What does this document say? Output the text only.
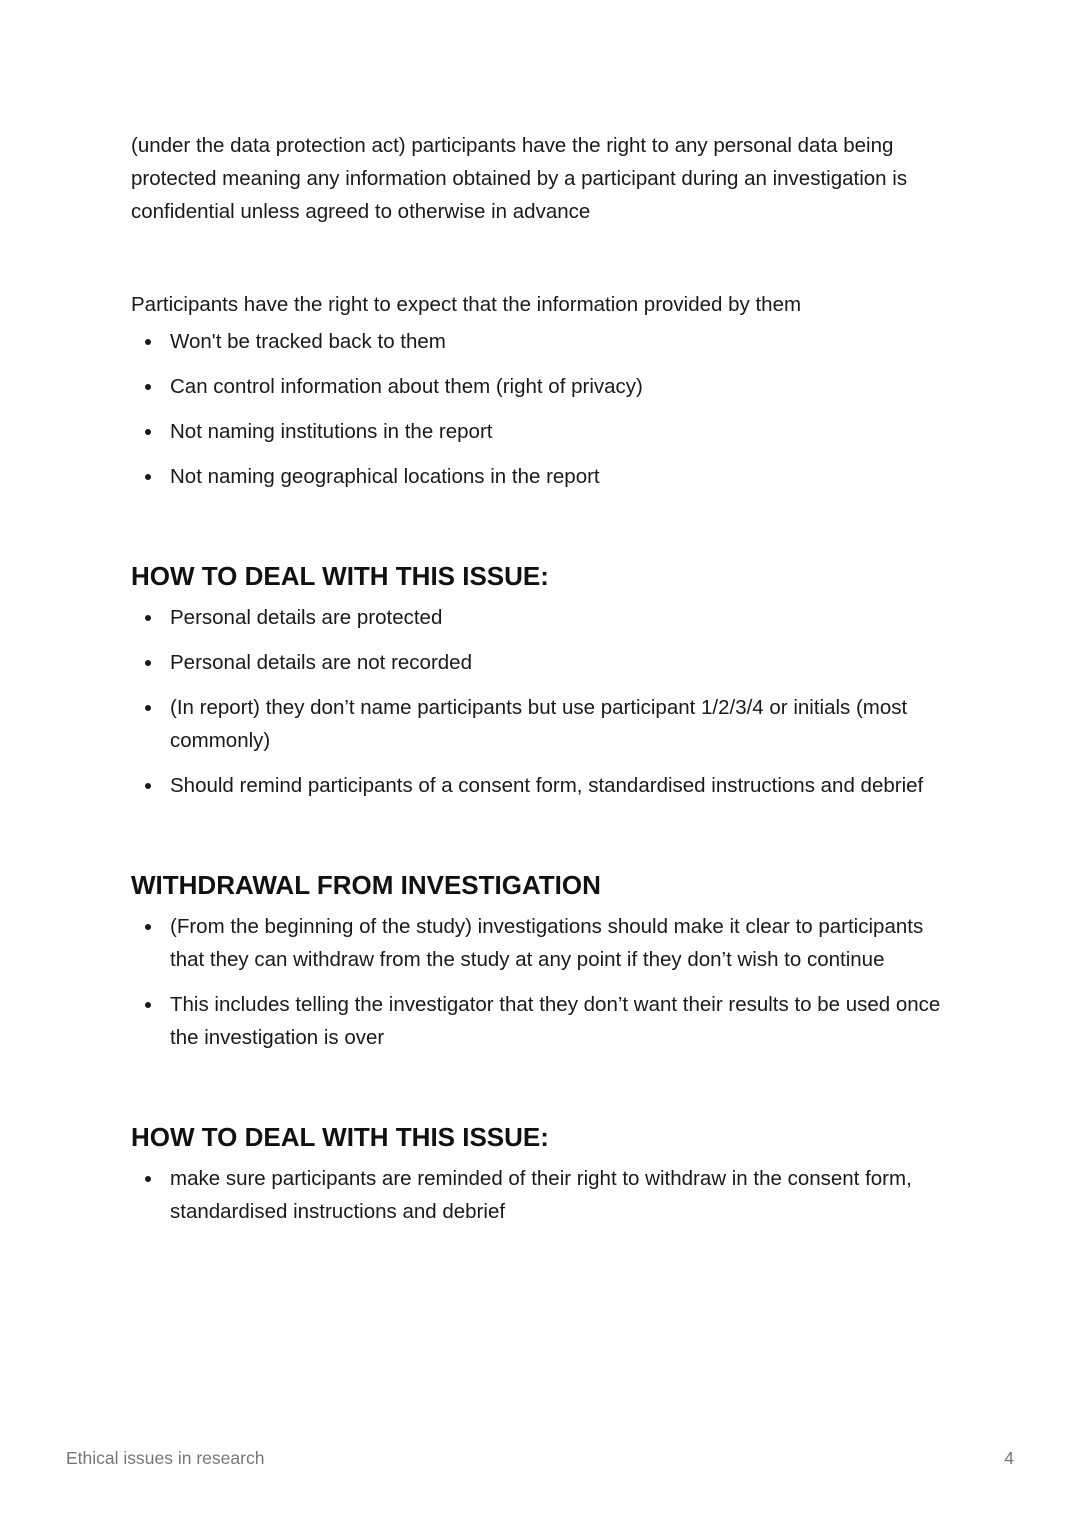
(under the data protection act) participants have the right to any personal data being protected meaning any information obtained by a participant during an investigation is confidential unless agreed to otherwise in advance

Participants have the right to expect that the information provided by them

Won't be tracked back to them
Can control information about them (right of privacy)
Not naming institutions in the report
Not naming geographical locations in the report
HOW TO DEAL WITH THIS ISSUE:
Personal details are protected
Personal details are not recorded
(In report) they don’t name participants but use participant 1/2/3/4 or initials (most commonly)
Should remind participants of a consent form, standardised instructions and debrief
WITHDRAWAL FROM INVESTIGATION
(From the beginning of the study) investigations should make it clear to participants that they can withdraw from the study at any point if they don’t wish to continue
This includes telling the investigator that they don’t want their results to be used once the investigation is over
HOW TO DEAL WITH THIS ISSUE:
make sure participants are reminded of their right to withdraw in the consent form, standardised instructions and debrief
Ethical issues in research	4
